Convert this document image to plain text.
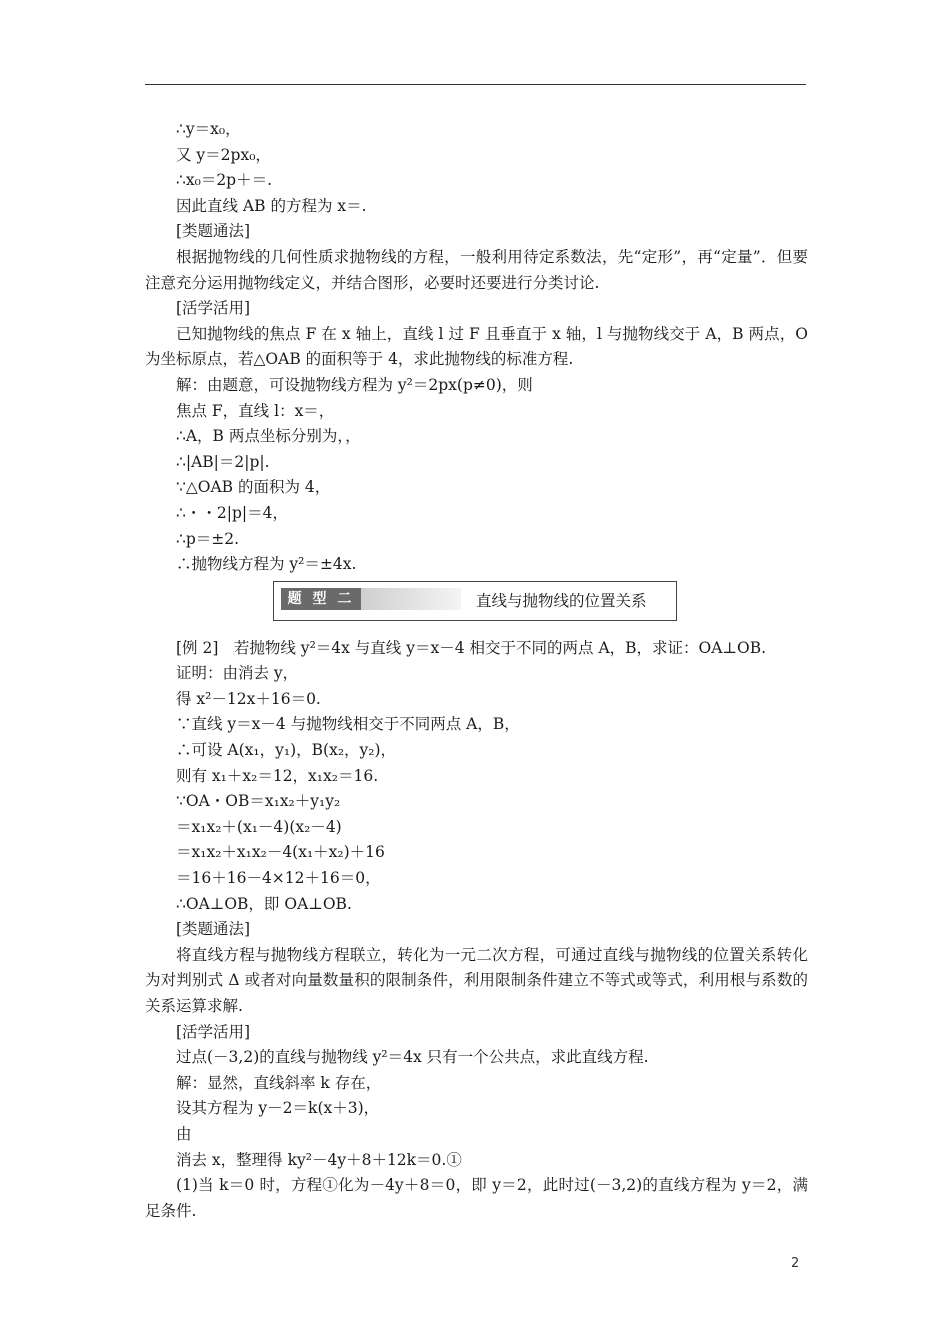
∴y＝x₀，
又 y＝2px₀，
∴x₀＝2p＋＝.
因此直线 AB 的方程为 x＝.
[类题通法]
根据抛物线的几何性质求抛物线的方程，一般利用待定系数法，先“定形”，再“定量”．但要注意充分运用抛物线定义，并结合图形，必要时还要进行分类讨论.
[活学活用]
已知抛物线的焦点 F 在 x 轴上，直线 l 过 F 且垂直于 x 轴，l 与抛物线交于 A，B 两点，O 为坐标原点，若△OAB 的面积等于 4，求此抛物线的标准方程.
解：由题意，可设抛物线方程为 y²＝2px(p≠0)，则
焦点 F，直线 l：x＝，
∴A，B 两点坐标分别为，，
∴|AB|＝2|p|.
∵△OAB 的面积为 4，
∴・・2|p|＝4，
∴p＝±2.
∴抛物线方程为 y²＝±4x.
题 型 二	直线与抛物线的位置关系
[例 2]　若抛物线 y²＝4x 与直线 y＝x－4 相交于不同的两点 A，B，求证：OA⊥OB.
证明：由消去 y，
得 x²－12x＋16＝0.
∵直线 y＝x－4 与抛物线相交于不同两点 A，B，
∴可设 A(x₁，y₁)，B(x₂，y₂)，
则有 x₁＋x₂＝12，x₁x₂＝16.
∵OA・OB＝x₁x₂＋y₁y₂
＝x₁x₂＋(x₁－4)(x₂－4)
＝x₁x₂＋x₁x₂－4(x₁＋x₂)＋16
＝16＋16－4×12＋16＝0，
∴OA⊥OB，即 OA⊥OB.
[类题通法]
将直线方程与抛物线方程联立，转化为一元二次方程，可通过直线与抛物线的位置关系转化为对判别式 Δ 或者对向量数量积的限制条件，利用限制条件建立不等式或等式，利用根与系数的关系运算求解.
[活学活用]
过点(－3,2)的直线与抛物线 y²＝4x 只有一个公共点，求此直线方程.
解：显然，直线斜率 k 存在，
设其方程为 y－2＝k(x＋3)，
由
消去 x，整理得 ky²－4y＋8＋12k＝0.①
(1)当 k＝0 时，方程①化为－4y＋8＝0，即 y＝2，此时过(－3,2)的直线方程为 y＝2，满足条件.
2
